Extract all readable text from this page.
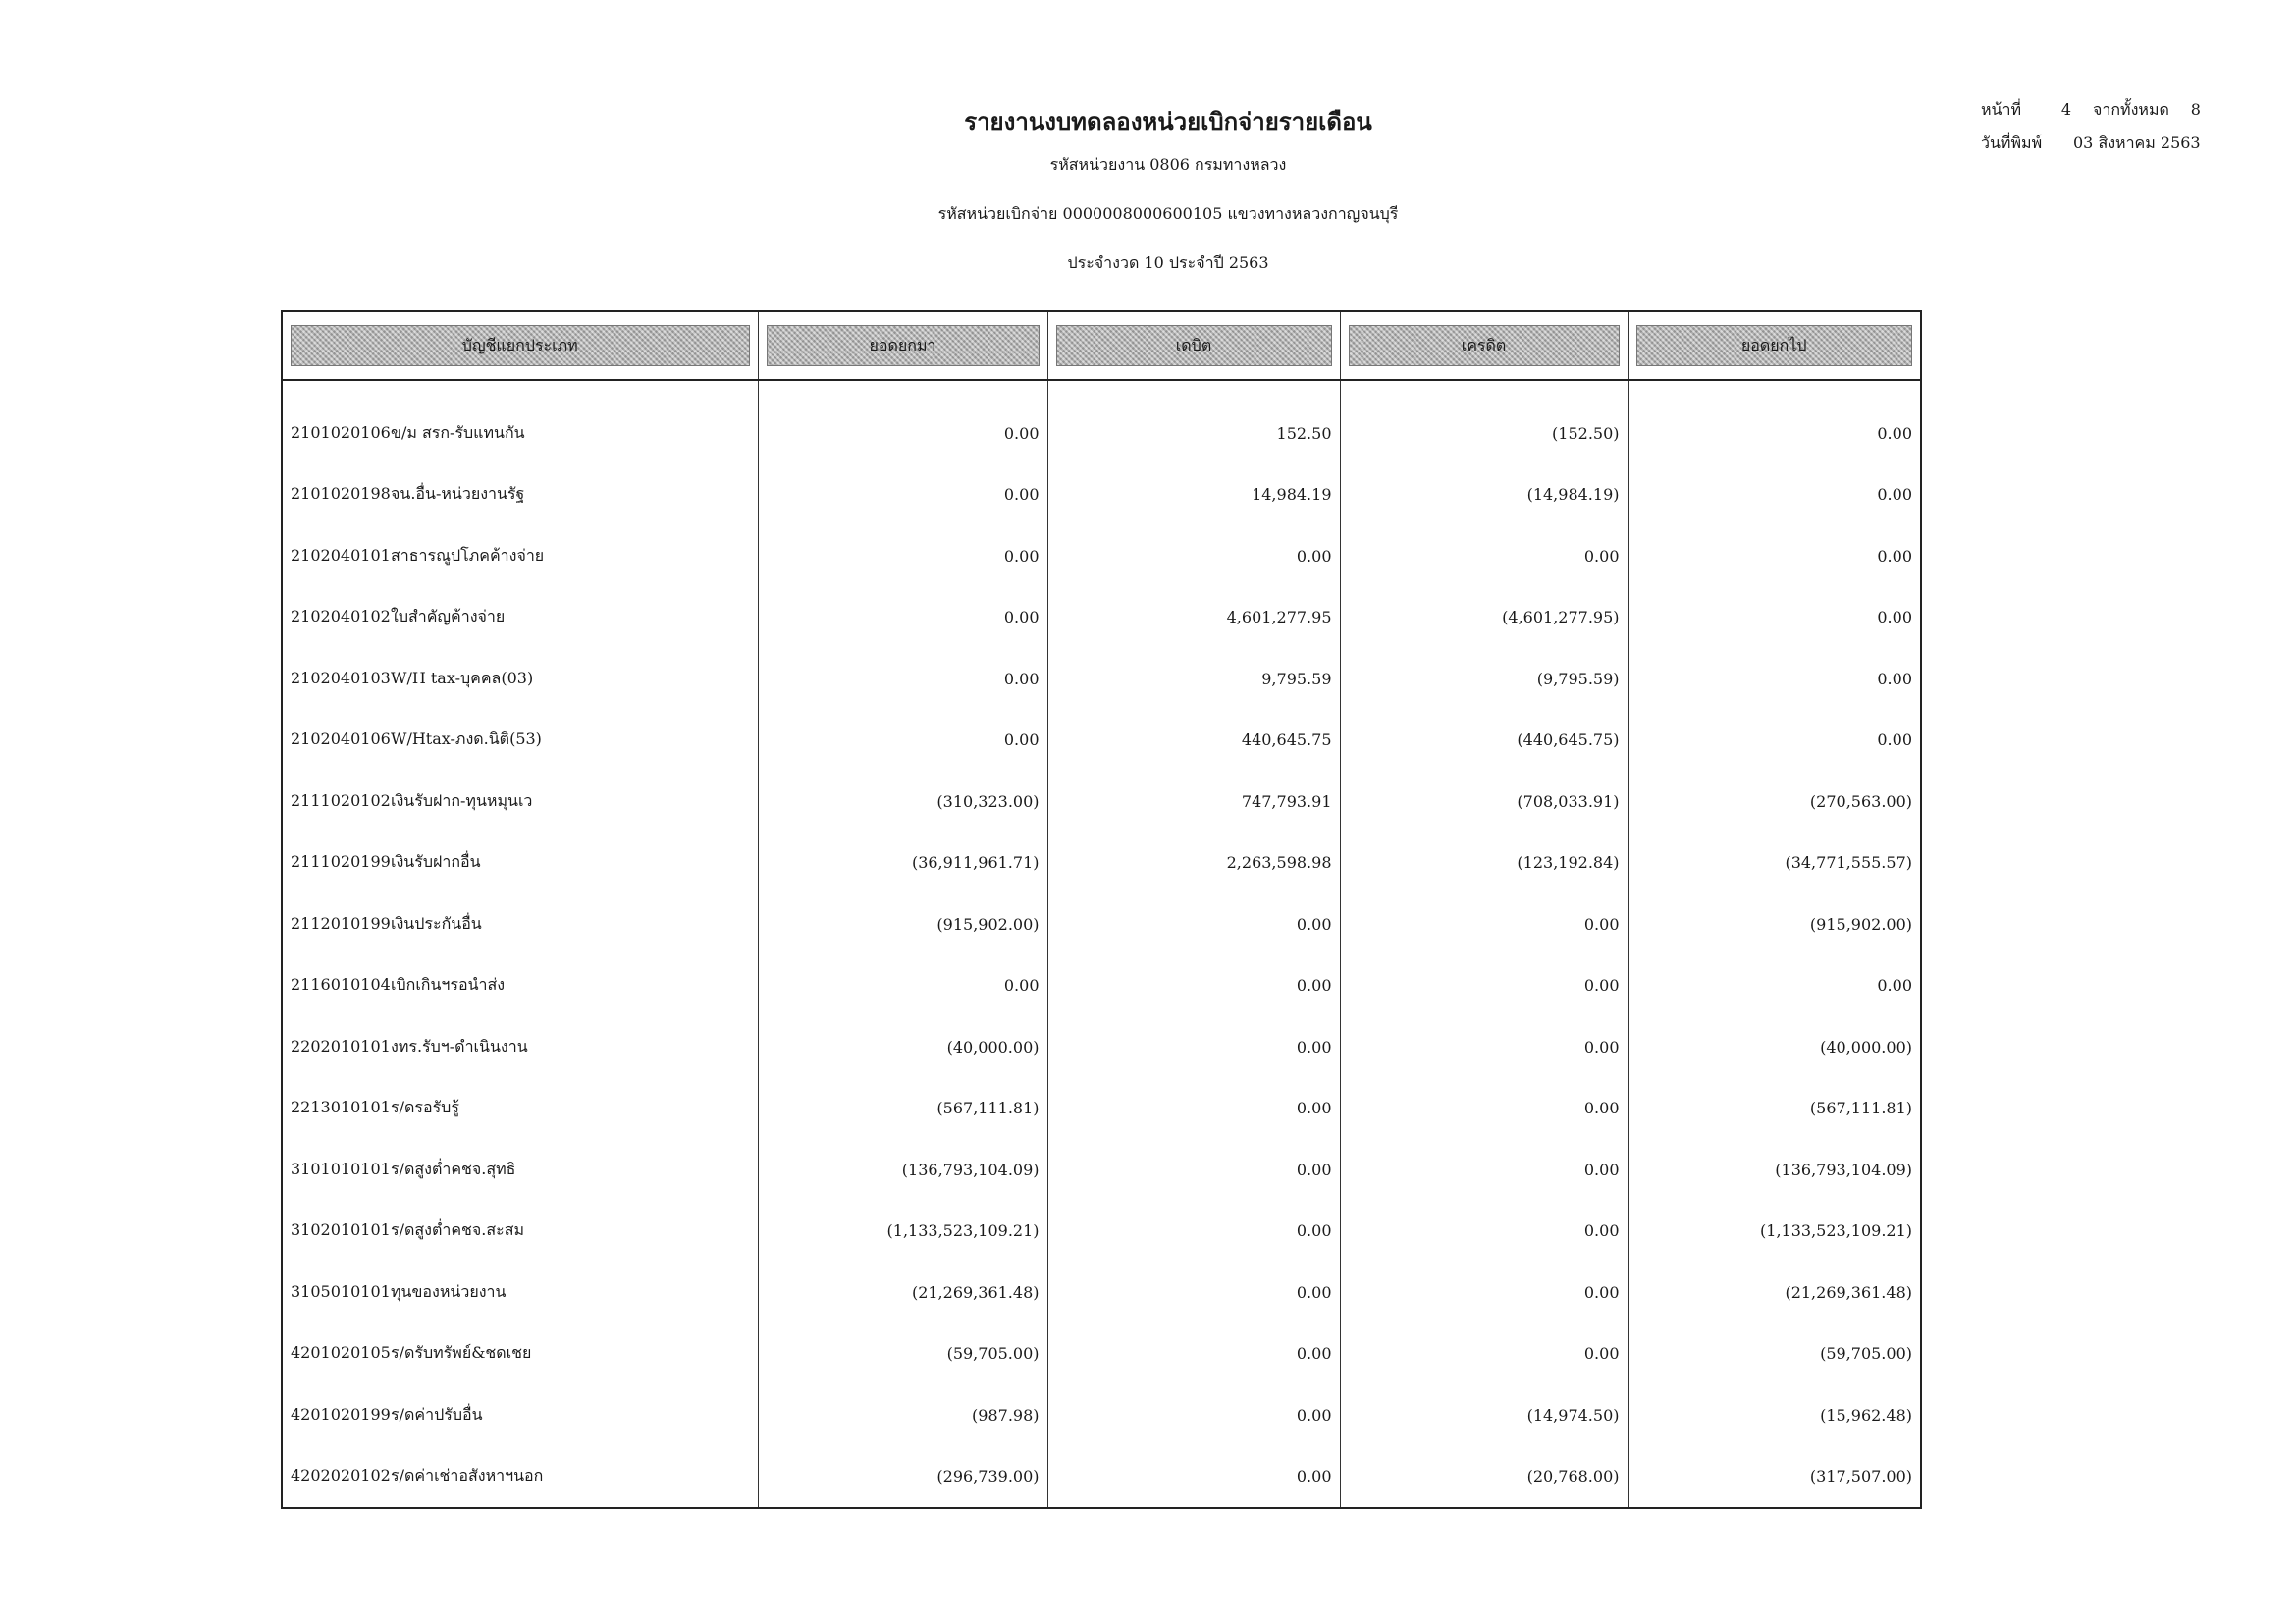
หน้าที่	4	จากทั้งหมด	8
วันที่พิมพ์	03 สิงหาคม 2563
รายงานงบทดลองหน่วยเบิกจ่ายรายเดือน
รหัสหน่วยงาน 0806 กรมทางหลวง
รหัสหน่วยเบิกจ่าย 0000008000600105 แขวงทางหลวงกาญจนบุรี
ประจำงวด 10 ประจำปี 2563
บัญชีแยกประเภท	ยอดยกมา	เดบิต	เครดิต	ยอดยกไป

2101020106ข/ม สรก-รับแทนกัน	0.00	152.50	(152.50)	0.00
2101020198จน.อื่น-หน่วยงานรัฐ	0.00	14,984.19	(14,984.19)	0.00
2102040101สาธารณูปโภคค้างจ่าย	0.00	0.00	0.00	0.00
2102040102ใบสำคัญค้างจ่าย	0.00	4,601,277.95	(4,601,277.95)	0.00
2102040103W/H tax-บุคคล(03)	0.00	9,795.59	(9,795.59)	0.00
2102040106W/Htax-ภงด.นิติ(53)	0.00	440,645.75	(440,645.75)	0.00
2111020102เงินรับฝาก-ทุนหมุนเว	(310,323.00)	747,793.91	(708,033.91)	(270,563.00)
2111020199เงินรับฝากอื่น	(36,911,961.71)	2,263,598.98	(123,192.84)	(34,771,555.57)
2112010199เงินประกันอื่น	(915,902.00)	0.00	0.00	(915,902.00)
2116010104เบิกเกินฯรอนำส่ง	0.00	0.00	0.00	0.00
2202010101งทร.รับฯ-ดำเนินงาน	(40,000.00)	0.00	0.00	(40,000.00)
2213010101ร/ดรอรับรู้	(567,111.81)	0.00	0.00	(567,111.81)
3101010101ร/ดสูงต่ำคชจ.สุทธิ	(136,793,104.09)	0.00	0.00	(136,793,104.09)
3102010101ร/ดสูงต่ำคชจ.สะสม	(1,133,523,109.21)	0.00	0.00	(1,133,523,109.21)
3105010101ทุนของหน่วยงาน	(21,269,361.48)	0.00	0.00	(21,269,361.48)
4201020105ร/ดรับทรัพย์&ชดเชย	(59,705.00)	0.00	0.00	(59,705.00)
4201020199ร/ดค่าปรับอื่น	(987.98)	0.00	(14,974.50)	(15,962.48)
4202020102ร/ดค่าเช่าอสังหาฯนอก	(296,739.00)	0.00	(20,768.00)	(317,507.00)
